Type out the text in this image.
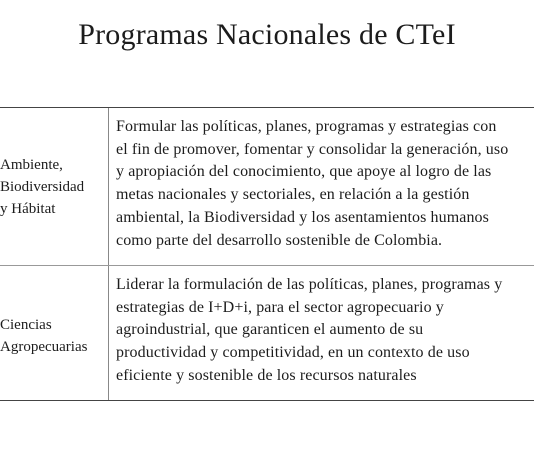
Programas Nacionales de CTeI
Ambiente,
Biodiversidad
y Hábitat
Formular las políticas, planes, programas y estrategias con
el fin de promover, fomentar y consolidar la generación, uso
y apropiación del conocimiento, que apoye al logro de las
metas nacionales y sectoriales, en relación a la gestión
ambiental, la Biodiversidad y los asentamientos humanos
como parte del desarrollo sostenible de Colombia.
Ciencias
Agropecuarias
Liderar la formulación de las políticas, planes, programas y
estrategias de I+D+i, para el sector agropecuario y
agroindustrial, que garanticen el aumento de su
productividad y competitividad, en un contexto de uso
eficiente y sostenible de los recursos naturales
